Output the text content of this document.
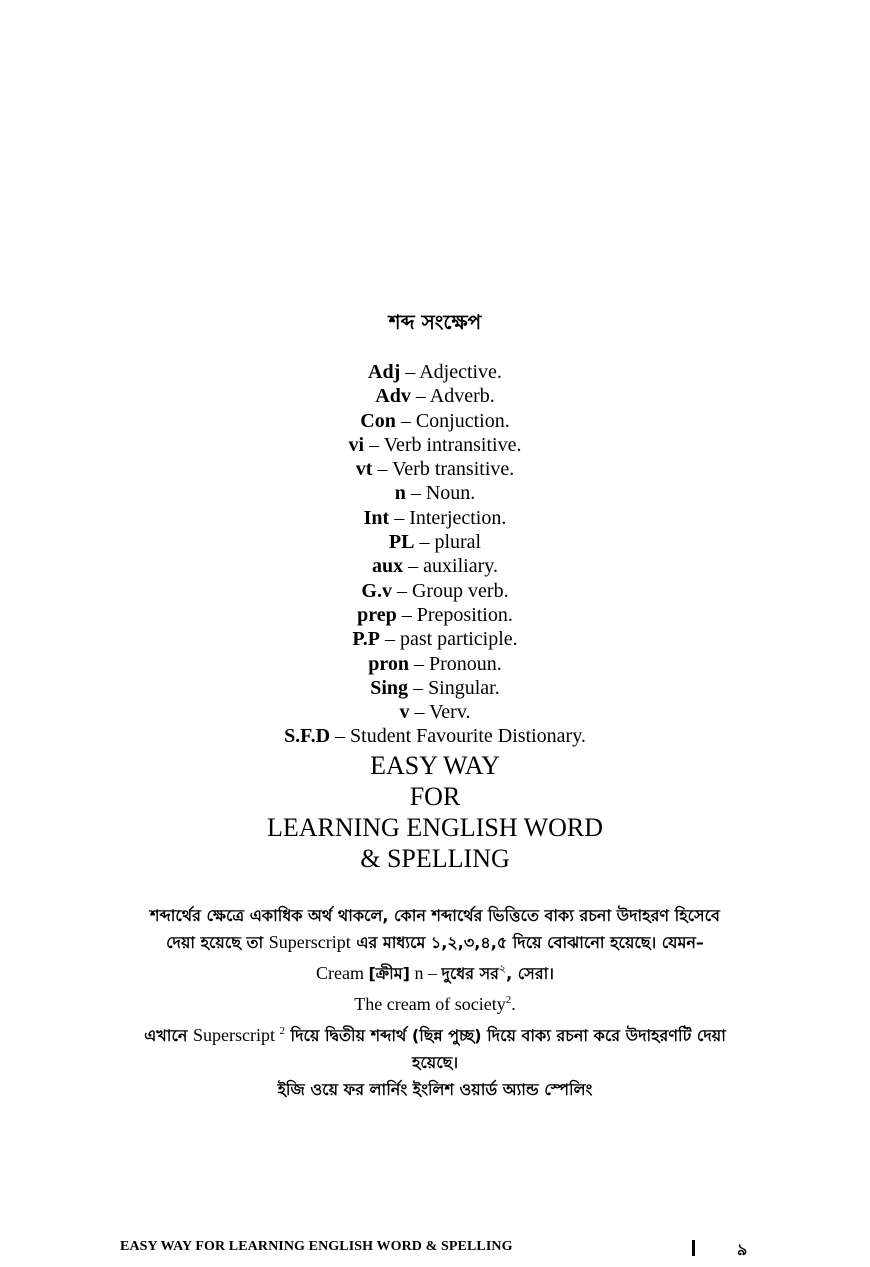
শব্দ সংক্ষেপ
Adj – Adjective.
Adv – Adverb.
Con – Conjuction.
vi – Verb intransitive.
vt – Verb transitive.
n – Noun.
Int – Interjection.
PL – plural
aux – auxiliary.
G.v – Group verb.
prep – Preposition.
P.P – past participle.
pron – Pronoun.
Sing – Singular.
v – Verv.
S.F.D – Student Favourite Distionary.
EASY WAY
FOR
LEARNING ENGLISH WORD
& SPELLING
শব্দার্থের ক্ষেত্রে একাধিক অর্থ থাকলে, কোন শব্দার্থের ভিত্তিতে বাক্য রচনা উদাহরণ হিসেবে
দেয়া হয়েছে তা Superscript এর মাধ্যমে ১,২,৩,৪,৫ দিয়ে বোঝানো হয়েছে। যেমন–
Cream [ক্রীম] n – দুধের সর$^২$, সেরা।
The cream of society$^2$.
এখানে Superscript $^2$ দিয়ে দ্বিতীয় শব্দার্থ (ছিন্ন পুচ্ছ) দিয়ে বাক্য রচনা করে উদাহরণটি দেয়া
হয়েছে।
ইজি ওয়ে ফর লার্নিং ইংলিশ ওয়ার্ড অ্যান্ড স্পেলিং
EASY WAY FOR LEARNING ENGLISH WORD & SPELLING	৯
